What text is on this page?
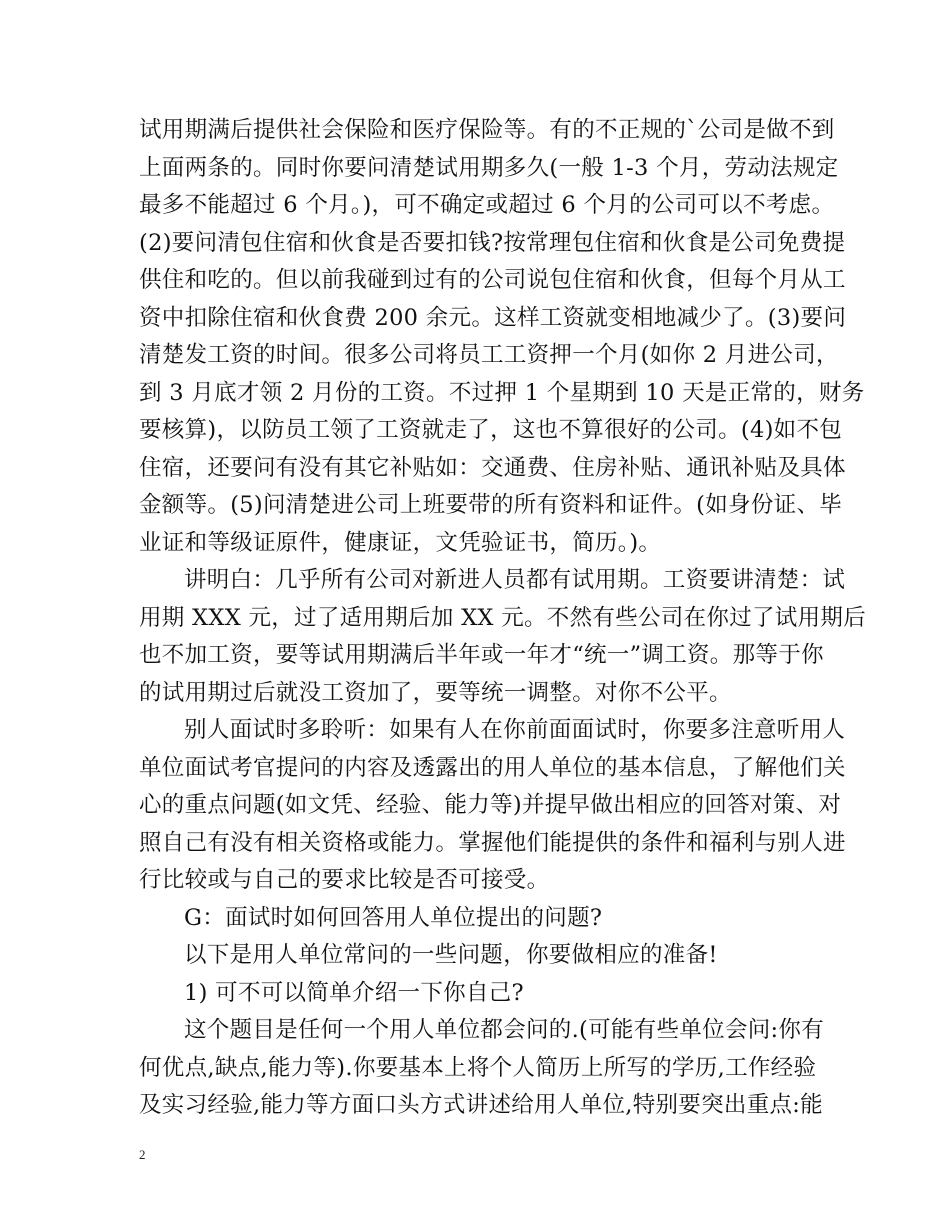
试用期满后提供社会保险和医疗保险等。有的不正规的`公司是做不到
上面两条的。同时你要问清楚试用期多久(一般 1-3 个月，劳动法规定
最多不能超过 6 个月。)，可不确定或超过 6 个月的公司可以不考虑。
(2)要问清包住宿和伙食是否要扣钱?按常理包住宿和伙食是公司免费提
供住和吃的。但以前我碰到过有的公司说包住宿和伙食，但每个月从工
资中扣除住宿和伙食费 200 余元。这样工资就变相地减少了。(3)要问
清楚发工资的时间。很多公司将员工工资押一个月(如你 2 月进公司，
到 3 月底才领 2 月份的工资。不过押 1 个星期到 10 天是正常的，财务
要核算)，以防员工领了工资就走了，这也不算很好的公司。(4)如不包
住宿，还要问有没有其它补贴如：交通费、住房补贴、通讯补贴及具体
金额等。(5)问清楚进公司上班要带的所有资料和证件。(如身份证、毕
业证和等级证原件，健康证，文凭验证书，简历。)。
讲明白：几乎所有公司对新进人员都有试用期。工资要讲清楚：试
用期 XXX 元，过了适用期后加 XX 元。不然有些公司在你过了试用期后
也不加工资，要等试用期满后半年或一年才“统一”调工资。那等于你
的试用期过后就没工资加了，要等统一调整。对你不公平。
别人面试时多聆听：如果有人在你前面面试时，你要多注意听用人
单位面试考官提问的内容及透露出的用人单位的基本信息，了解他们关
心的重点问题(如文凭、经验、能力等)并提早做出相应的回答对策、对
照自己有没有相关资格或能力。掌握他们能提供的条件和福利与别人进
行比较或与自己的要求比较是否可接受。
G：面试时如何回答用人单位提出的问题?
以下是用人单位常问的一些问题，你要做相应的准备!
1) 可不可以简单介绍一下你自己?
这个题目是任何一个用人单位都会问的.(可能有些单位会问:你有
何优点,缺点,能力等).你要基本上将个人简历上所写的学历,工作经验
及实习经验,能力等方面口头方式讲述给用人单位,特别要突出重点:能
2
